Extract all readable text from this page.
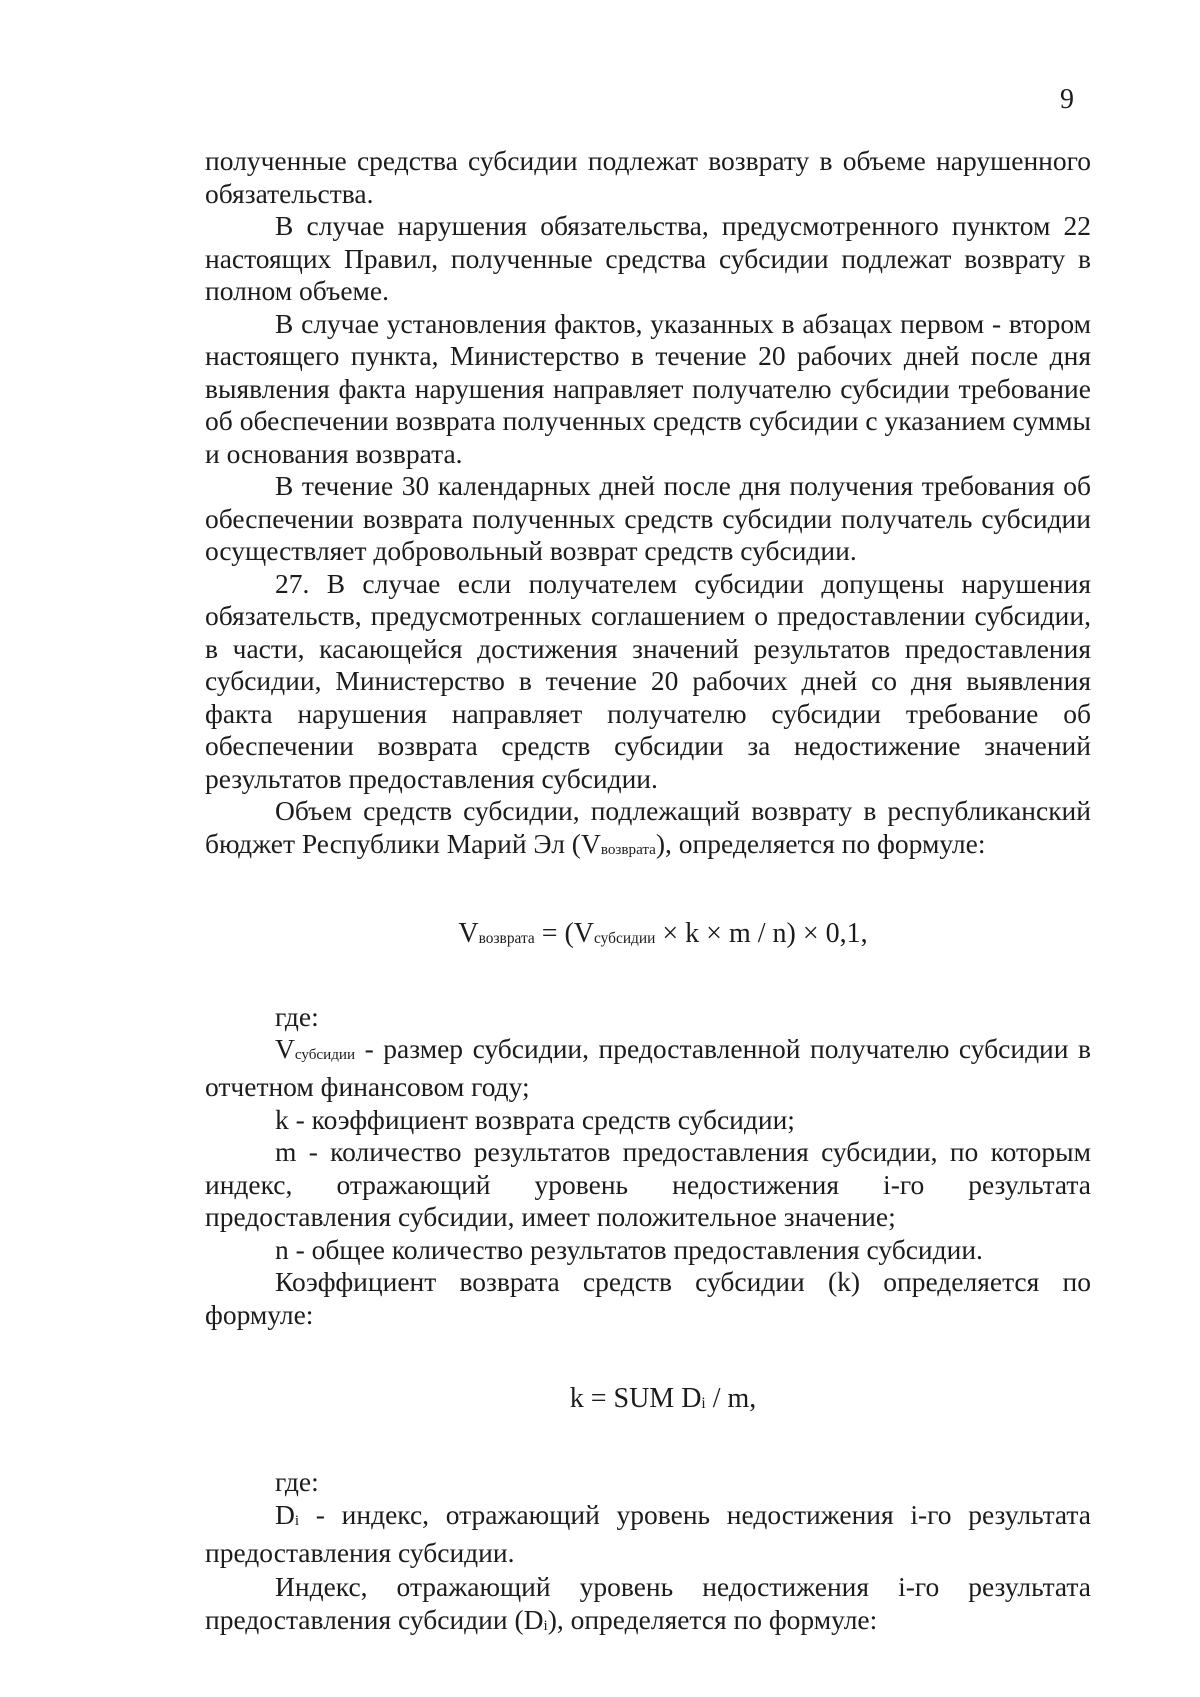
9

полученные средства субсидии подлежат возврату в объеме нарушенного обязательства.

В случае нарушения обязательства, предусмотренного пунктом 22 настоящих Правил, полученные средства субсидии подлежат возврату в полном объеме.

В случае установления фактов, указанных в абзацах первом - втором настоящего пункта, Министерство в течение 20 рабочих дней после дня выявления факта нарушения направляет получателю субсидии требование об обеспечении возврата полученных средств субсидии с указанием суммы и основания возврата.

В течение 30 календарных дней после дня получения требования об обеспечении возврата полученных средств субсидии получатель субсидии осуществляет добровольный возврат средств субсидии.

27. В случае если получателем субсидии допущены нарушения обязательств, предусмотренных соглашением о предоставлении субсидии, в части, касающейся достижения значений результатов предоставления субсидии, Министерство в течение 20 рабочих дней со дня выявления факта нарушения направляет получателю субсидии требование об обеспечении возврата средств субсидии за недостижение значений результатов предоставления субсидии.

Объем средств субсидии, подлежащий возврату в республиканский бюджет Республики Марий Эл $(V_{возврата})$, определяется по формуле:

$V_{возврата} = (V_{субсидии} \times k \times m / n) \times 0,1$,

где:

$V_{субсидии}$ - размер субсидии, предоставленной получателю субсидии в отчетном финансовом году;

k - коэффициент возврата средств субсидии;

m - количество результатов предоставления субсидии, по которым индекс, отражающий уровень недостижения i-го результата предоставления субсидии, имеет положительное значение;

n - общее количество результатов предоставления субсидии.

Коэффициент возврата средств субсидии (k) определяется по формуле:

k = SUM $D_i$ / m,

где:

$D_i$ - индекс, отражающий уровень недостижения i-го результата предоставления субсидии.

Индекс, отражающий уровень недостижения i-го результата предоставления субсидии $(D_i)$, определяется по формуле:
